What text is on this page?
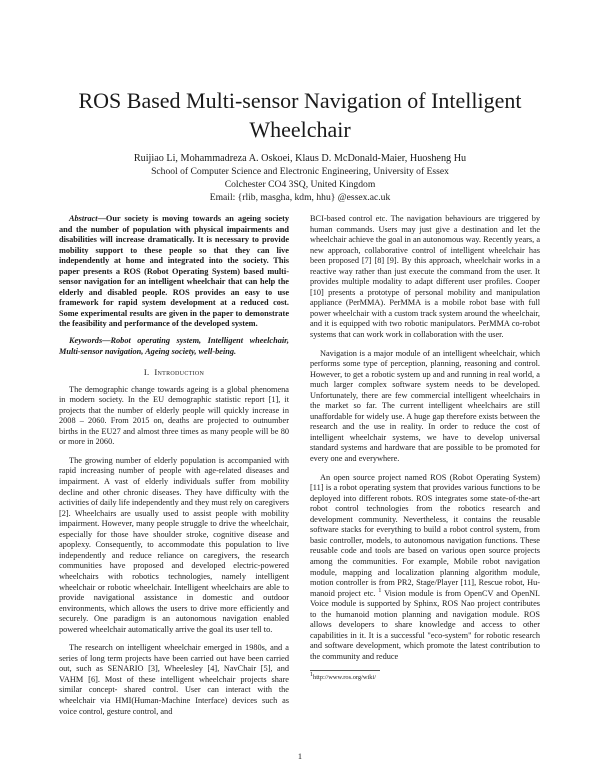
ROS Based Multi-sensor Navigation of Intelligent Wheelchair
Ruijiao Li, Mohammadreza A. Oskoei, Klaus D. McDonald-Maier, Huosheng Hu
School of Computer Science and Electronic Engineering, University of Essex
Colchester CO4 3SQ, United Kingdom
Email: {rlib, masgha, kdm, hhu} @essex.ac.uk

Abstract—Our society is moving towards an ageing society and the number of population with physical impairments and disabilities will increase dramatically. It is necessary to provide mobility support to these people so that they can live independently at home and integrated into the society. This paper presents a ROS (Robot Operating System) based multi-sensor navigation for an intelligent wheelchair that can help the elderly and disabled people. ROS provides an easy to use framework for rapid system development at a reduced cost. Some experimental results are given in the paper to demonstrate the feasibility and performance of the developed system.

Keywords—Robot operating system, Intelligent wheelchair, Multi-sensor navigation, Ageing society, well-being.

I. Introduction

The demographic change towards ageing is a global phenomena in modern society. In the EU demographic statistic report [1], it projects that the number of elderly people will quickly increase in 2008 – 2060. From 2015 on, deaths are projected to outnumber births in the EU27 and almost three times as many people will be 80 or more in 2060.

The growing number of elderly population is accompanied with rapid increasing number of people with age-related diseases and impairment. A vast of elderly individuals suffer from mobility decline and other chronic diseases. They have difficulty with the activities of daily life independently and they must rely on caregivers [2]. Wheelchairs are usually used to assist people with mobility impairment. However, many people struggle to drive the wheelchair, especially for those have shoulder stroke, cognitive disease and apoplexy. Consequently, to accommodate this population to live independently and reduce reliance on caregivers, the research communities have proposed and developed electric-powered wheelchairs with robotics technologies, namely intelligent wheelchair or robotic wheelchair. Intelligent wheelchairs are able to provide navigational assistance in domestic and outdoor environments, which allows the users to drive more efficiently and securely. One paradigm is an autonomous navigation enabled powered wheelchair automatically arrive the goal its user tell to.

The research on intelligent wheelchair emerged in 1980s, and a series of long term projects have been carried out have been carried out, such as SENARIO [3], Wheelesley [4], NavChair [5], and VAHM [6]. Most of these intelligent wheelchair projects share similar concept- shared control. User can interact with the wheelchair via HMI(Human-Machine Interface) devices such as voice control, gesture control, and

BCI-based control etc. The navigation behaviours are triggered by human commands. Users may just give a destination and let the wheelchair achieve the goal in an autonomous way. Recently years, a new approach, collaborative control of intelligent wheelchair has been proposed [7] [8] [9]. By this approach, wheelchair works in a reactive way rather than just execute the command from the user. It provides multiple modality to adapt different user profiles. Cooper [10] presents a prototype of personal mobility and manipulation appliance (PerMMA). PerMMA is a mobile robot base with full power wheelchair with a custom track system around the wheelchair, and it is equipped with two robotic manipulators. PerMMA co-robot systems that can work work in collaboration with the user.

Navigation is a major module of an intelligent wheelchair, which performs some type of perception, planning, reasoning and control. However, to get a robotic system up and and running in real world, a much larger complex software system needs to be developed. Unfortunately, there are few commercial intelligent wheelchairs in the market so far. The current intelligent wheelchairs are still unaffordable for widely use. A huge gap therefore exists between the research and the use in reality. In order to reduce the cost of intelligent wheelchair systems, we have to develop universal standard systems and hardware that are possible to be promoted for every one and everywhere.

An open source project named ROS (Robot Operating System) [11] is a robot operating system that provides various functions to be deployed into different robots. ROS integrates some state-of-the-art robot control technologies from the robotics research and development community. Nevertheless, it contains the reusable software stacks for everything to build a robot control system, from basic controller, models, to autonomous navigation functions. These reusable code and tools are based on various open source projects among the communities. For example, Mobile robot navigation module, mapping and localization planning algorithm module, motion controller is from PR2, Stage/Player [11], Rescue robot, Hu-manoid project etc. $^1$ Vision module is from OpenCV and OpenNI. Voice module is supported by Sphinx, ROS Nao project contributes to the humanoid motion planning and navigation module. ROS allows developers to share knowledge and access to other capabilities in it. It is a successful "eco-system" for robotic research and software development, which promote the latest contribution to the community and reduce

$^1$http://www.ros.org/wiki/

1
